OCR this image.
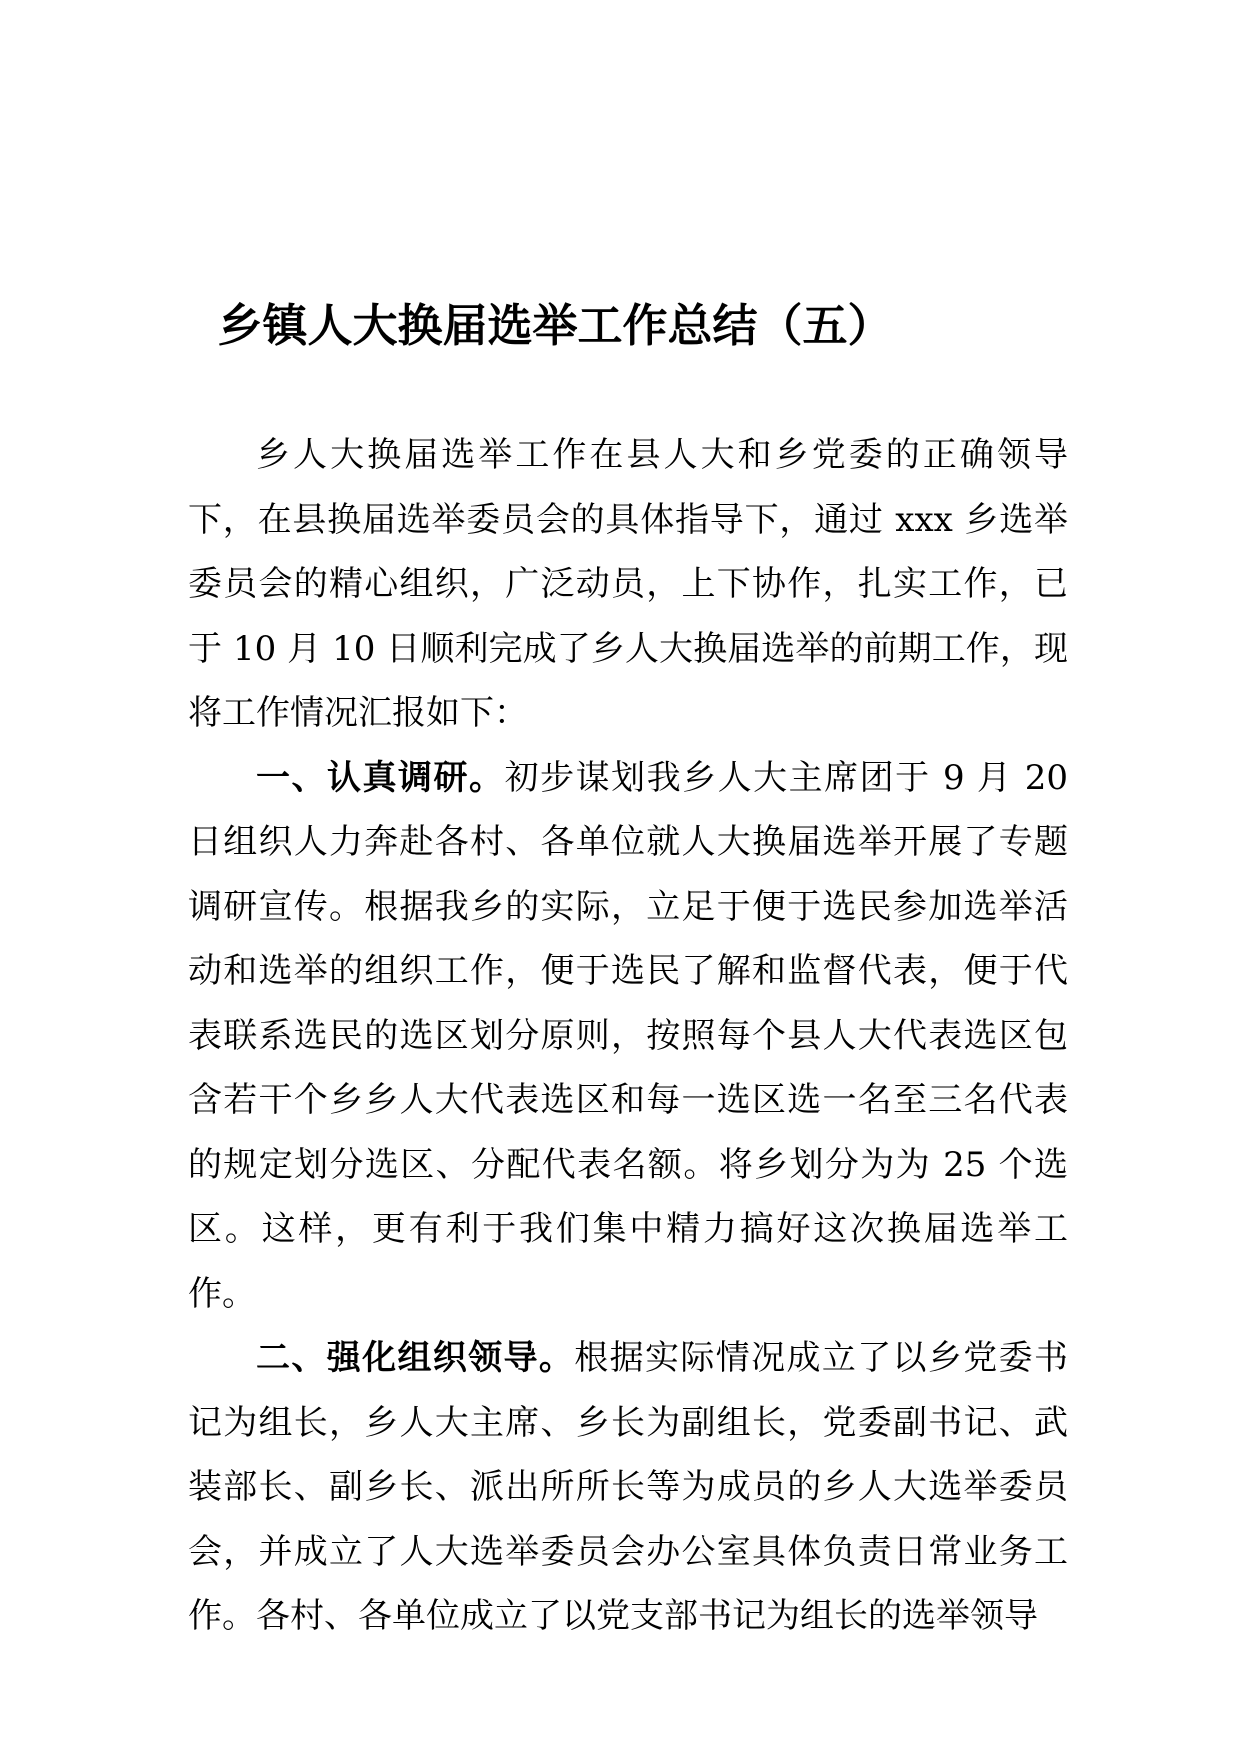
乡镇人大换届选举工作总结（五）

乡人大换届选举工作在县人大和乡党委的正确领导下，在县换届选举委员会的具体指导下，通过 xxx 乡选举委员会的精心组织，广泛动员，上下协作，扎实工作，已于 10 月 10 日顺利完成了乡人大换届选举的前期工作，现将工作情况汇报如下：

一、认真调研。初步谋划我乡人大主席团于 9 月 20 日组织人力奔赴各村、各单位就人大换届选举开展了专题调研宣传。根据我乡的实际，立足于便于选民参加选举活动和选举的组织工作，便于选民了解和监督代表，便于代表联系选民的选区划分原则，按照每个县人大代表选区包含若干个乡乡人大代表选区和每一选区选一名至三名代表的规定划分选区、分配代表名额。将乡划分为为 25 个选区。这样，更有利于我们集中精力搞好这次换届选举工作。

二、强化组织领导。根据实际情况成立了以乡党委书记为组长，乡人大主席、乡长为副组长，党委副书记、武装部长、副乡长、派出所所长等为成员的乡人大选举委员会，并成立了人大选举委员会办公室具体负责日常业务工作。各村、各单位成立了以党支部书记为组长的选举领导
